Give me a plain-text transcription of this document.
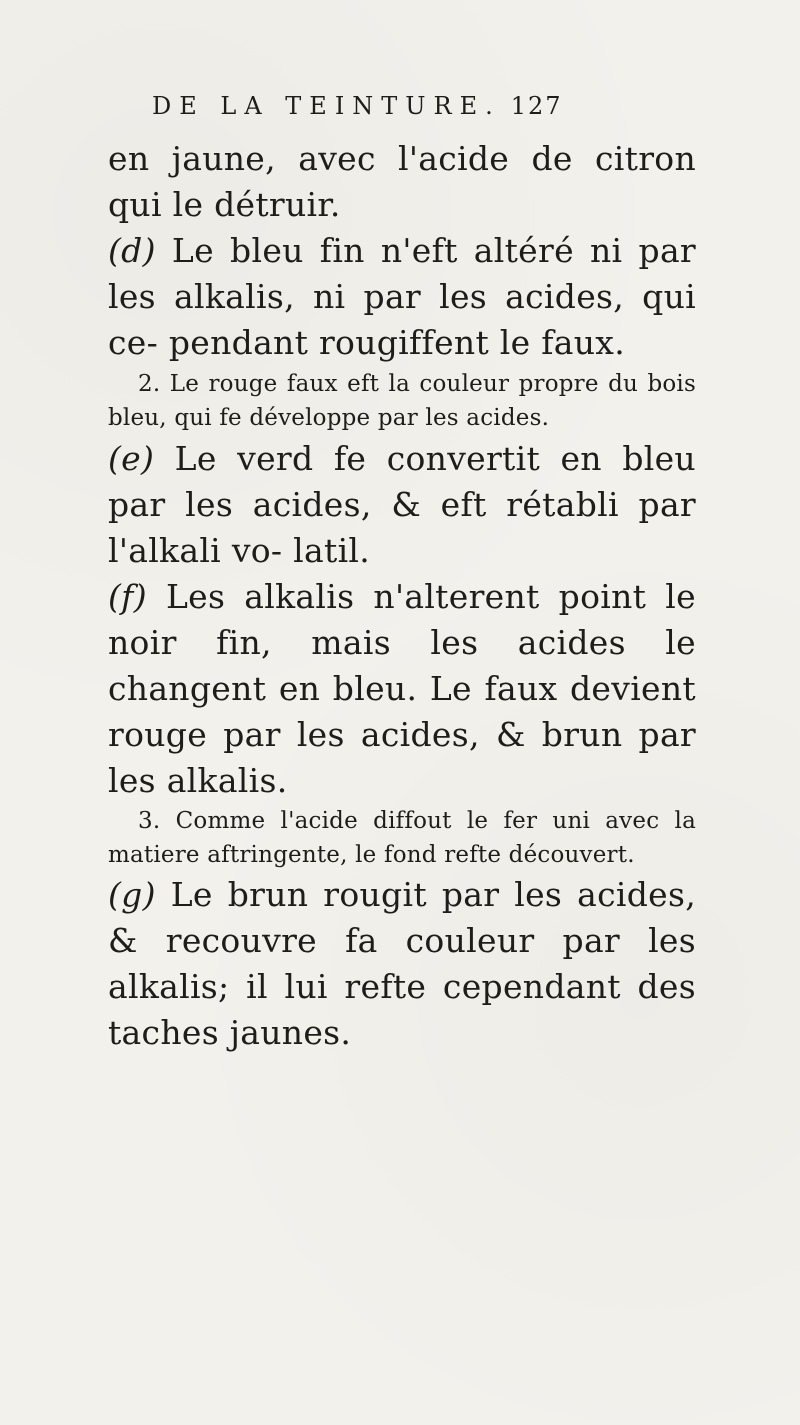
DE LA TEINTURE. 127

en jaune, avec l'acide de citron qui le détruir.

(d) Le bleu fin n'eft altéré ni par les alkalis, ni par les acides, qui ce- pendant rougiffent le faux.

2. Le rouge faux eft la couleur propre du bois bleu, qui fe développe par les acides.

(e) Le verd fe convertit en bleu par les acides, & eft rétabli par l'alkali vo- latil.

(f) Les alkalis n'alterent point le noir fin, mais les acides le changent en bleu. Le faux devient rouge par les acides, & brun par les alkalis.

3. Comme l'acide diffout le fer uni avec la matiere aftringente, le fond refte découvert.

(g) Le brun rougit par les acides, & recouvre fa couleur par les alkalis; il lui refte cependant des taches jaunes.
